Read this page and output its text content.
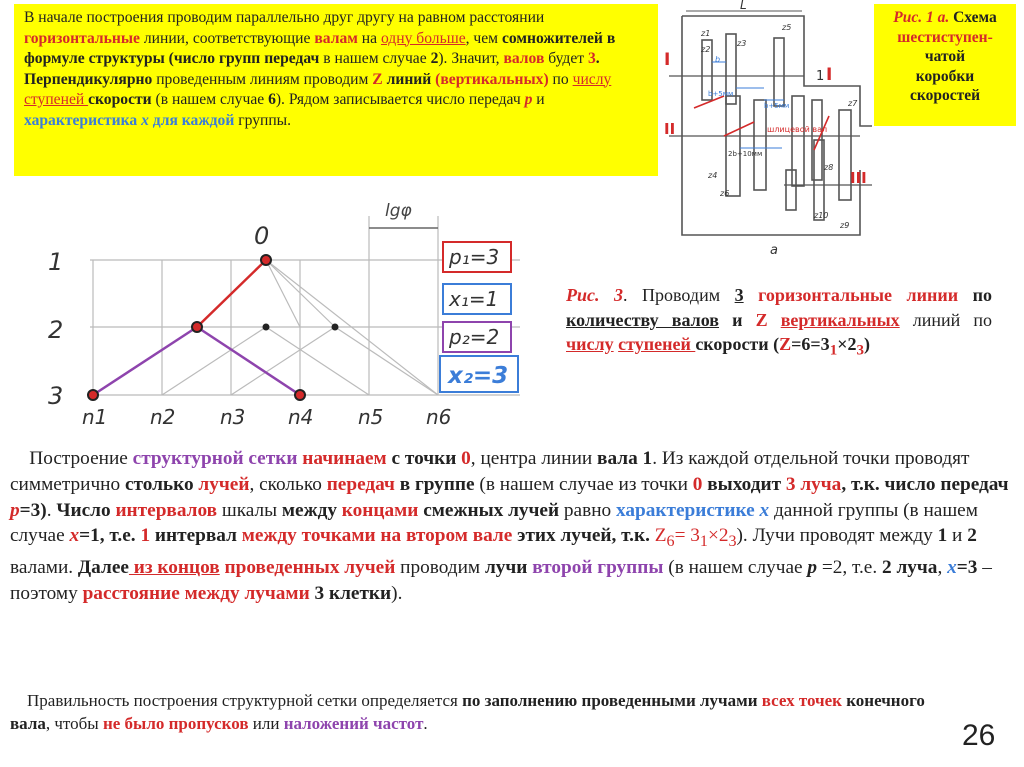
В начале построения проводим параллельно друг другу на равном расстоянии горизонтальные линии, соответствующие валам на одну больше, чем сомножителей в формуле структуры (число групп передач в нашем случае 2). Значит, валов будет 3. Перпендикулярно проведенным линиям проводим Z линий (вертикальных) по числу ступеней скорости (в нашем случае 6). Рядом записывается число передач p и характеристика x для каждой группы.
L
I
I
1
II
III
a
b+5мм
b+5мм
2b+10мм
шлицевой вал
b
z1
z2
z3
z4
z5
z6
z7
z8
z9
z10
Рис. 1 а. Схема
шестиступен-
чатой
коробки
скоростей
lgφ
0
1
2
3
n1 n2 n3 n4 n5 n6
p₁=3
x₁=1
p₂=2
x₂=3
Рис. 3. Проводим 3 горизонтальные линии по количеству валов и Z вертикальных линий по числу ступеней скорости $(Z=6=3_1\times 2_3)$

Построение структурной сетки начинаем с точки 0, центра линии вала 1. Из каждой отдельной точки проводят симметрично столько лучей, сколько передач в группе (в нашем случае из точки 0 выходит 3 луча, т.к. число передач p=3). Число интервалов шкалы между концами смежных лучей равно характеристике x данной группы (в нашем случае x=1, т.е. 1 интервал между точками на втором вале этих лучей, т.к. $Z_6= 3_1\times 2_3$). Лучи проводят между 1 и 2 валами. Далее из концов проведенных лучей проводим лучи второй группы (в нашем случае p =2, т.е. 2 луча, x=3 – поэтому расстояние между лучами 3 клетки).

Правильность построения структурной сетки определяется по заполнению проведенными лучами всех точек конечного вала, чтобы не было пропусков или наложений частот.	26
